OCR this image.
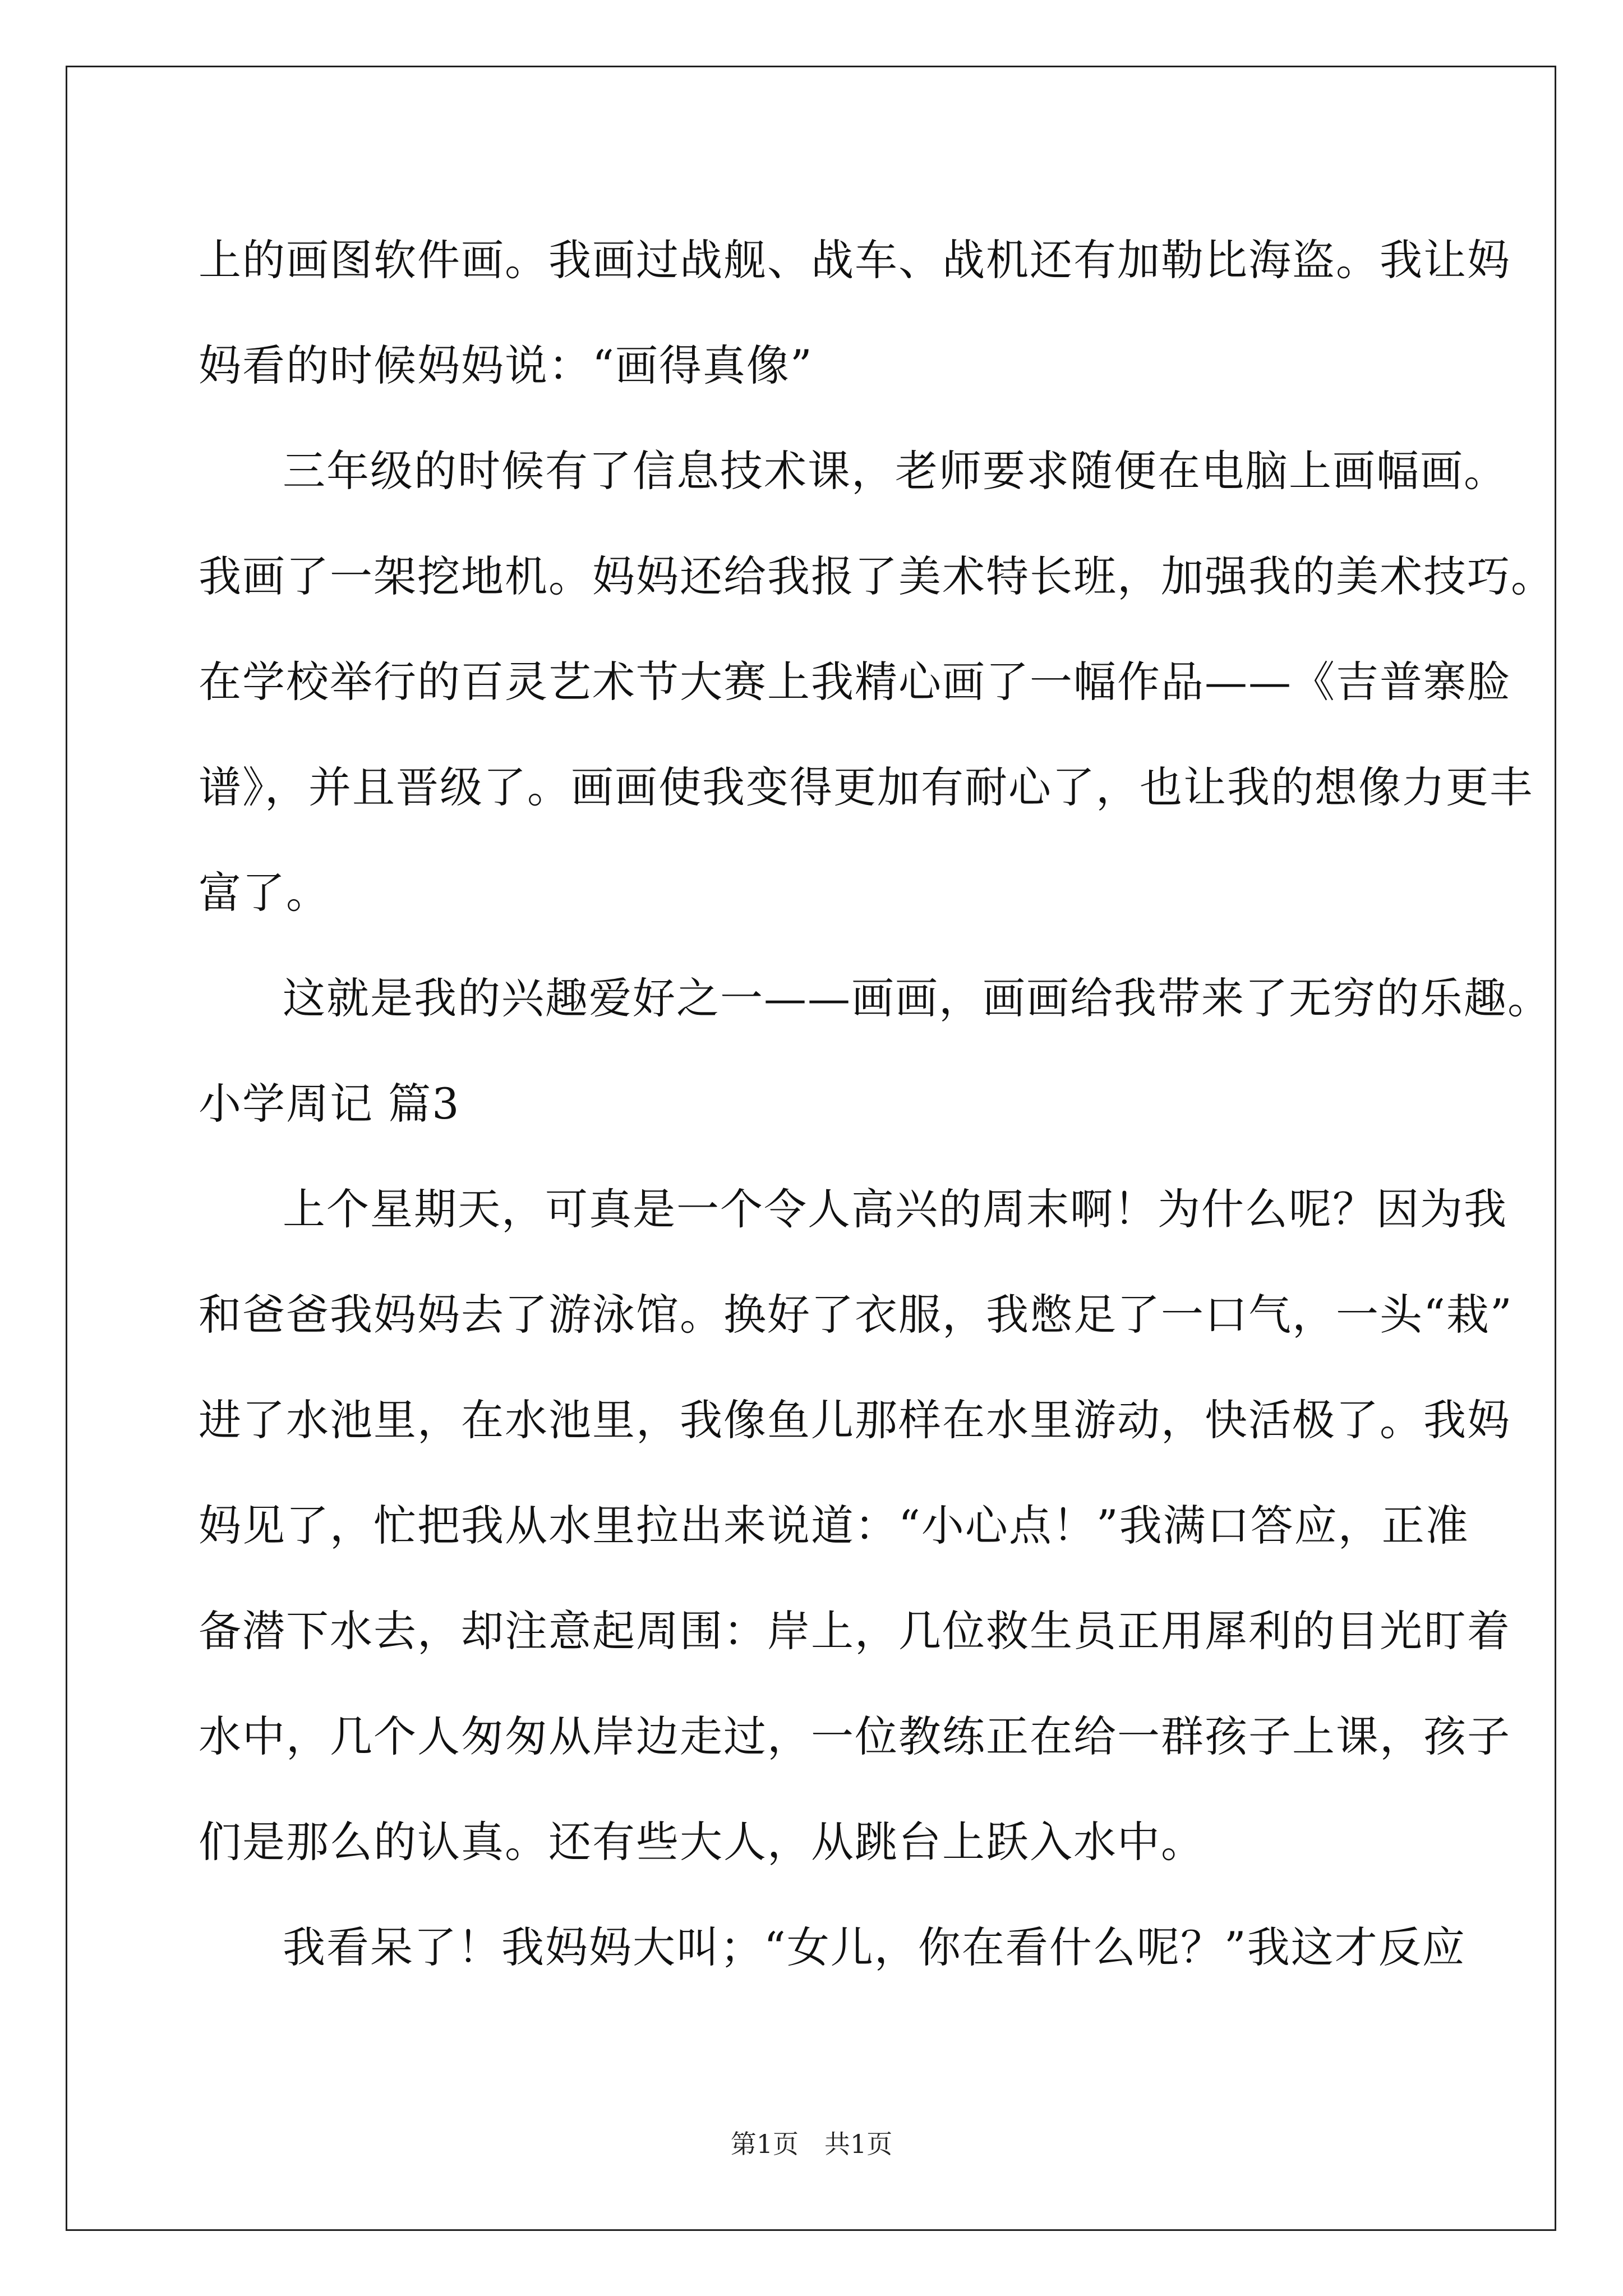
上的画图软件画。我画过战舰、战车、战机还有加勒比海盗。我让妈
妈看的时候妈妈说：“画得真像”
三年级的时候有了信息技术课，老师要求随便在电脑上画幅画。
我画了一架挖地机。妈妈还给我报了美术特长班，加强我的美术技巧。
在学校举行的百灵艺术节大赛上我精心画了一幅作品——《吉普寨脸
谱》，并且晋级了。画画使我变得更加有耐心了，也让我的想像力更丰
富了。
这就是我的兴趣爱好之一——画画，画画给我带来了无穷的乐趣。
小学周记 篇3
上个星期天，可真是一个令人高兴的周末啊！为什么呢？因为我
和爸爸我妈妈去了游泳馆。换好了衣服，我憋足了一口气，一头“栽”
进了水池里，在水池里，我像鱼儿那样在水里游动，快活极了。我妈
妈见了，忙把我从水里拉出来说道：“小心点！”我满口答应，正准
备潜下水去，却注意起周围：岸上，几位救生员正用犀利的目光盯着
水中，几个人匆匆从岸边走过，一位教练正在给一群孩子上课，孩子
们是那么的认真。还有些大人，从跳台上跃入水中。
我看呆了！我妈妈大叫；“女儿，你在看什么呢？”我这才反应
第1页　共1页
